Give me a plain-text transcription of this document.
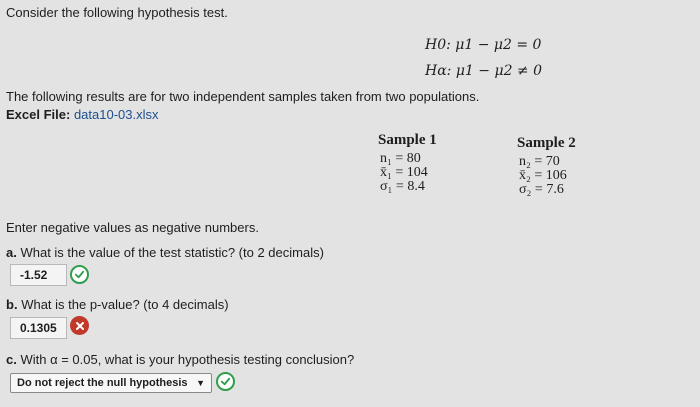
Consider the following hypothesis test.
H0: μ1 − μ2 = 0
Hα: μ1 − μ2 ≠ 0
The following results are for two independent samples taken from two populations.
Excel File: data10-03.xlsx
Sample 1
n₁ = 80
x̄₁ = 104
σ₁ = 8.4
Sample 2
n₂ = 70
x̄₂ = 106
σ₂ = 7.6
Enter negative values as negative numbers.
a. What is the value of the test statistic? (to 2 decimals)
-1.52
b. What is the p-value? (to 4 decimals)
0.1305
c. With α = 0.05, what is your hypothesis testing conclusion?
Do not reject the null hypothesis ▼
